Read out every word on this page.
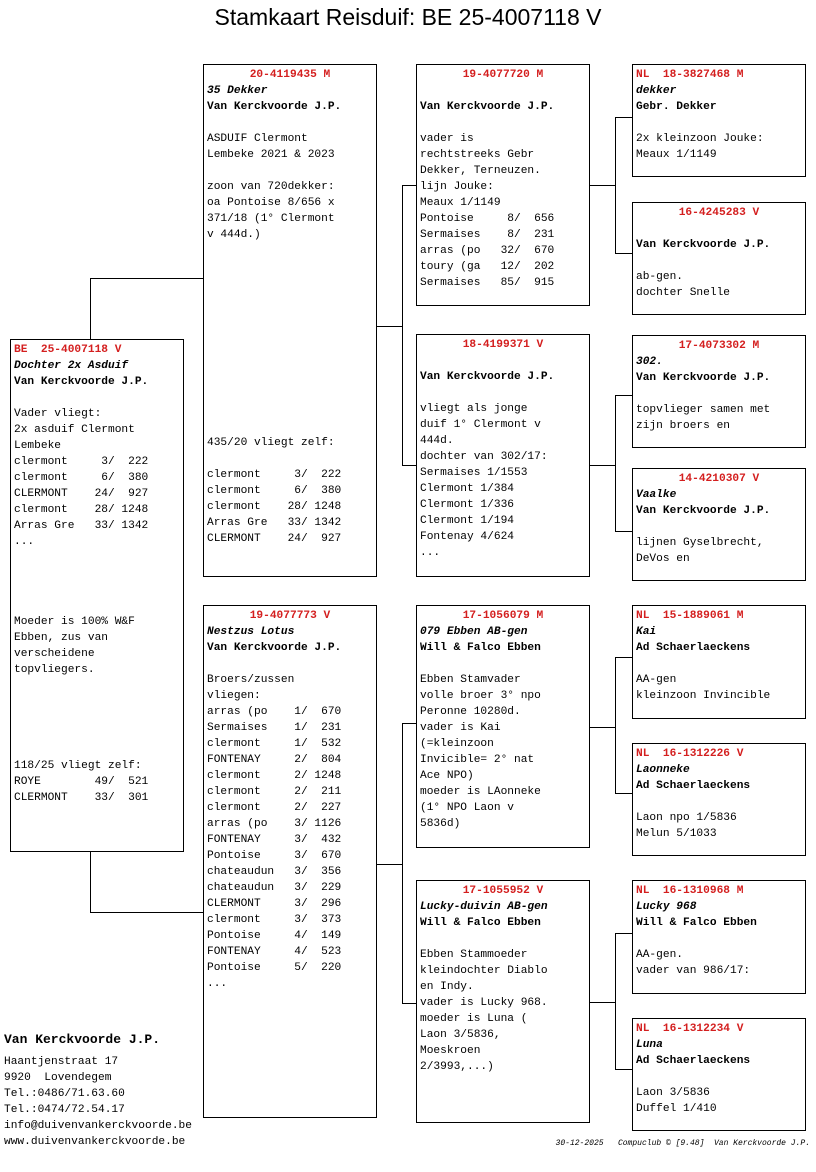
Stamkaart Reisduif: BE 25-4007118 V
BE  25-4007118 V
Dochter 2x Asduif
Van Kerckvoorde J.P.
Vader vliegt:
2x asduif Clermont
Lembeke
clermont     3/  222
clermont     6/  380
CLERMONT    24/  927
clermont    28/ 1248
Arras Gre   33/ 1342
...
Moeder is 100% W&F
Ebben, zus van
verscheidene
topvliegers.
118/25 vliegt zelf:
ROYE        49/  521
CLERMONT    33/  301
20-4119435 M
35 Dekker
Van Kerckvoorde J.P.
ASDUIF Clermont
Lembeke 2021 & 2023
zoon van 720dekker:
oa Pontoise 8/656 x
371/18 (1° Clermont
v 444d.)
435/20 vliegt zelf:
clermont     3/  222
clermont     6/  380
clermont    28/ 1248
Arras Gre   33/ 1342
CLERMONT    24/  927
19-4077773 V
Nestzus Lotus
Van Kerckvoorde J.P.
Broers/zussen
vliegen:
arras (po    1/  670
Sermaises    1/  231
clermont     1/  532
FONTENAY     2/  804
clermont     2/ 1248
clermont     2/  211
clermont     2/  227
arras (po    3/ 1126
FONTENAY     3/  432
Pontoise     3/  670
chateaudun   3/  356
chateaudun   3/  229
CLERMONT     3/  296
clermont     3/  373
Pontoise     4/  149
FONTENAY     4/  523
Pontoise     5/  220
...
19-4077720 M
Van Kerckvoorde J.P.
vader is
rechtstreeks Gebr
Dekker, Terneuzen.
lijn Jouke:
Meaux 1/1149
Pontoise     8/  656
Sermaises    8/  231
arras (po   32/  670
toury (ga   12/  202
Sermaises   85/  915
18-4199371 V
Van Kerckvoorde J.P.
vliegt als jonge
duif 1° Clermont v
444d.
dochter van 302/17:
Sermaises 1/1553
Clermont 1/384
Clermont 1/336
Clermont 1/194
Fontenay 4/624
...
17-1056079 M
079 Ebben AB-gen
Will & Falco Ebben
Ebben Stamvader
volle broer 3° npo
Peronne 10280d.
vader is Kai
(=kleinzoon
Invicible= 2° nat
Ace NPO)
moeder is LAonneke
(1° NPO Laon v
5836d)
17-1055952 V
Lucky-duivin AB-gen
Will & Falco Ebben
Ebben Stammoeder
kleindochter Diablo
en Indy.
vader is Lucky 968.
moeder is Luna (
Laon 3/5836,
Moeskroen
2/3993,...)
NL  18-3827468 M
dekker
Gebr. Dekker
2x kleinzoon Jouke:
Meaux 1/1149
16-4245283 V
Van Kerckvoorde J.P.
ab-gen.
dochter Snelle
17-4073302 M
302.
Van Kerckvoorde J.P.
topvlieger samen met
zijn broers en
14-4210307 V
Vaalke
Van Kerckvoorde J.P.
lijnen Gyselbrecht,
DeVos en
NL  15-1889061 M
Kai
Ad Schaerlaeckens
AA-gen
kleinzoon Invincible
NL  16-1312226 V
Laonneke
Ad Schaerlaeckens
Laon npo 1/5836
Melun 5/1033
NL  16-1310968 M
Lucky 968
Will & Falco Ebben
AA-gen.
vader van 986/17:
NL  16-1312234 V
Luna
Ad Schaerlaeckens
Laon 3/5836
Duffel 1/410
Van Kerckvoorde J.P.
Haantjenstraat 17
9920  Lovendegem
Tel.:0486/71.63.60
Tel.:0474/72.54.17
info@duivenvankerckvoorde.be
www.duivenvankerckvoorde.be	30-12-2025   Compuclub © [9.48]  Van Kerckvoorde J.P.
